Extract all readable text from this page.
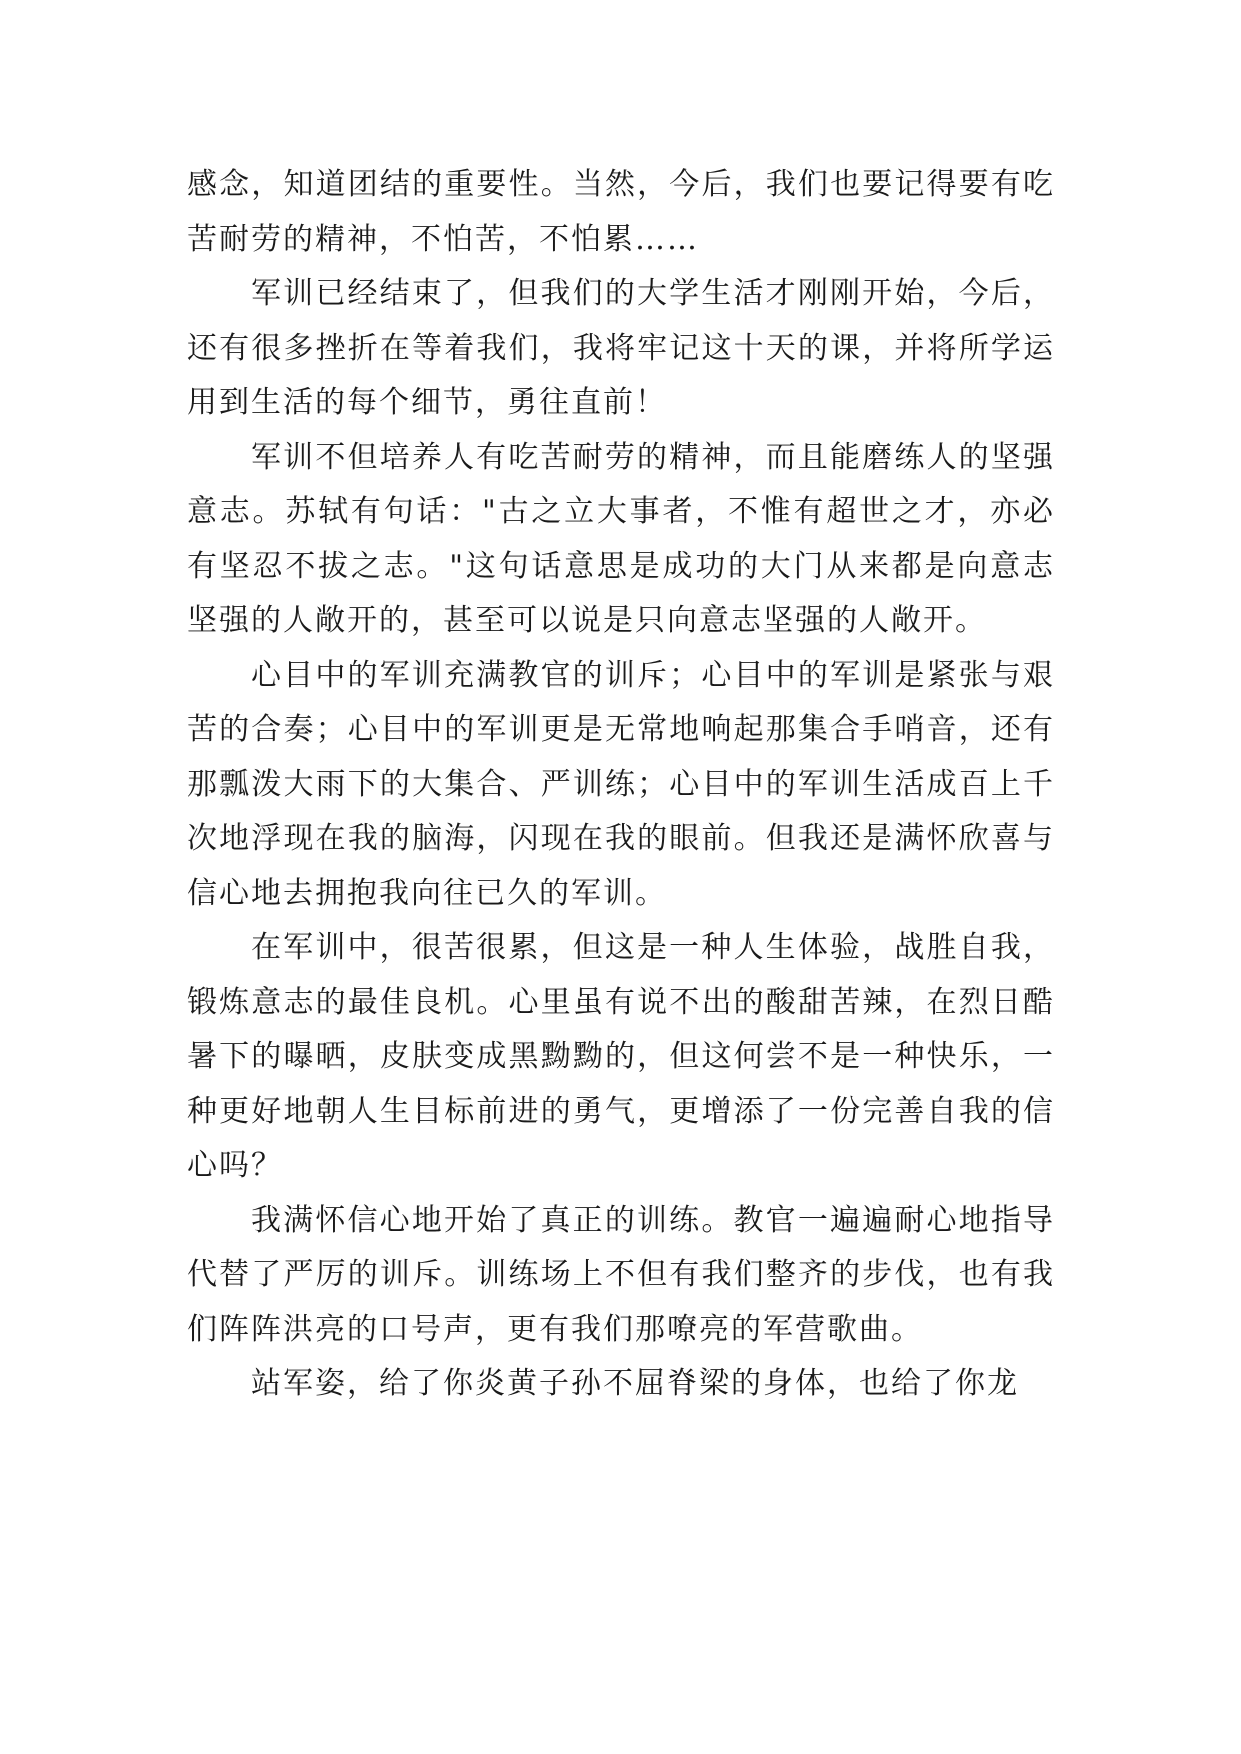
感念，知道团结的重要性。当然，今后，我们也要记得要有吃苦耐劳的精神，不怕苦，不怕累……

军训已经结束了，但我们的大学生活才刚刚开始，今后，还有很多挫折在等着我们，我将牢记这十天的课，并将所学运用到生活的每个细节，勇往直前！

军训不但培养人有吃苦耐劳的精神，而且能磨练人的坚强意志。苏轼有句话："古之立大事者，不惟有超世之才，亦必有坚忍不拔之志。"这句话意思是成功的大门从来都是向意志坚强的人敞开的，甚至可以说是只向意志坚强的人敞开。

心目中的军训充满教官的训斥；心目中的军训是紧张与艰苦的合奏；心目中的军训更是无常地响起那集合手哨音，还有那瓢泼大雨下的大集合、严训练；心目中的军训生活成百上千次地浮现在我的脑海，闪现在我的眼前。但我还是满怀欣喜与信心地去拥抱我向往已久的军训。

在军训中，很苦很累，但这是一种人生体验，战胜自我，锻炼意志的最佳良机。心里虽有说不出的酸甜苦辣，在烈日酷暑下的曝晒，皮肤变成黑黝黝的，但这何尝不是一种快乐，一种更好地朝人生目标前进的勇气，更增添了一份完善自我的信心吗？

我满怀信心地开始了真正的训练。教官一遍遍耐心地指导代替了严厉的训斥。训练场上不但有我们整齐的步伐，也有我们阵阵洪亮的口号声，更有我们那嘹亮的军营歌曲。

站军姿，给了你炎黄子孙不屈脊梁的身体，也给了你龙
